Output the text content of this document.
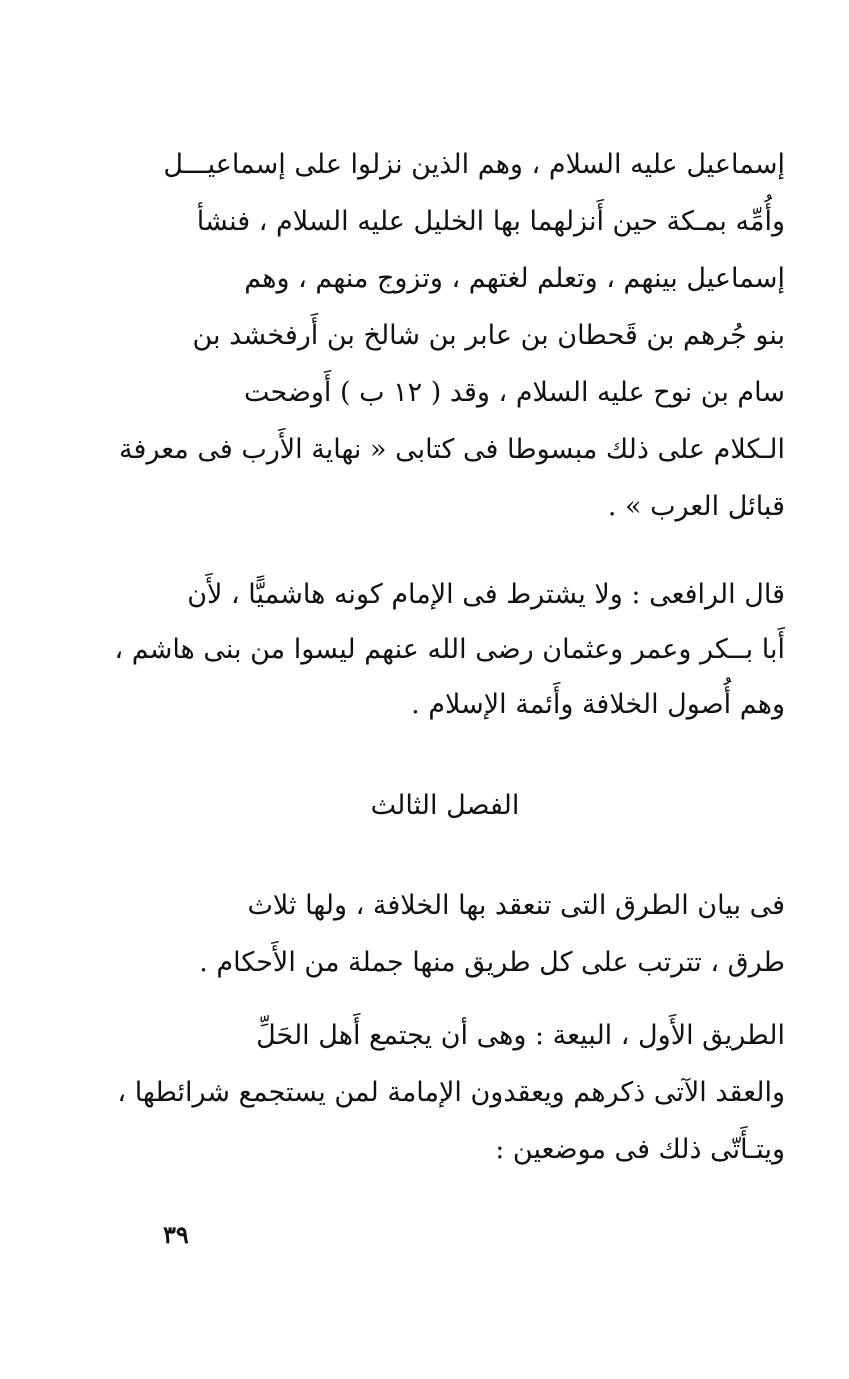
إسماعيل عليه السلام ، وهم الذين نزلوا على إسماعيـــل
وأُمِّه بمـكة حين أَنزلهما بها الخليل عليه السلام ، فنشأ
إسماعيل بينهم ، وتعلم لغتهم ، وتزوج منهم ، وهم
بنو جُرهم بن قَحطان بن عابر بن شالخ بن أَرفخشد بن
سام بن نوح عليه السلام ، وقد ( ١٢ ب ) أَوضحت
الـكلام على ذلك مبسوطا فى كتابى « نهاية الأَرب فى معرفة
قبائل العرب » .
قال الرافعى : ولا يشترط فى الإمام كونه هاشميًّا ، لأَن
أَبا بــكر وعمر وعثمان رضى الله عنهم ليسوا من بنى هاشم ،
وهم أُصول الخلافة وأَئمة الإسلام .
الفصل الثالث
فى بيان الطرق التى تنعقد بها الخلافة ، ولها ثلاث
طرق ، تترتب على كل طريق منها جملة من الأَحكام .
الطريق الأَول ، البيعة : وهى أن يجتمع أَهل الحَلِّ
والعقد الآتى ذكرهم ويعقدون الإمامة لمن يستجمع شرائطها ،
ويتـأَتّى ذلك فى موضعين :
٣٩
